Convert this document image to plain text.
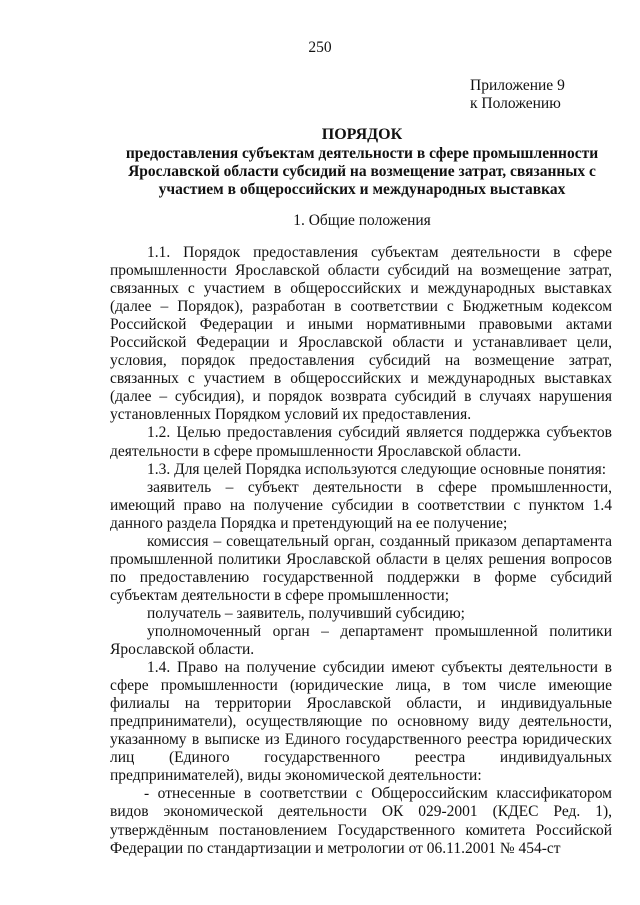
250
Приложение 9
к Положению
ПОРЯДОК
предоставления субъектам деятельности в сфере промышленности Ярославской области субсидий на возмещение затрат, связанных с участием в общероссийских и международных выставках
1. Общие положения

1.1. Порядок предоставления субъектам деятельности в сфере промышленности Ярославской области субсидий на возмещение затрат, связанных с участием в общероссийских и международных выставках (далее – Порядок), разработан в соответствии с Бюджетным кодексом Российской Федерации и иными нормативными правовыми актами Российской Федерации и Ярославской области и устанавливает цели, условия, порядок предоставления субсидий на возмещение затрат, связанных с участием в общероссийских и международных выставках (далее – субсидия), и порядок возврата субсидий в случаях нарушения установленных Порядком условий их предоставления.

1.2. Целью предоставления субсидий является поддержка субъектов деятельности в сфере промышленности Ярославской области.

1.3. Для целей Порядка используются следующие основные понятия:

заявитель – субъект деятельности в сфере промышленности, имеющий право на получение субсидии в соответствии с пунктом 1.4 данного раздела Порядка и претендующий на ее получение;

комиссия – совещательный орган, созданный приказом департамента промышленной политики Ярославской области в целях решения вопросов по предоставлению государственной поддержки в форме субсидий субъектам деятельности в сфере промышленности;

получатель – заявитель, получивший субсидию;

уполномоченный орган – департамент промышленной политики Ярославской области.

1.4. Право на получение субсидии имеют субъекты деятельности в сфере промышленности (юридические лица, в том числе имеющие филиалы на территории Ярославской области, и индивидуальные предприниматели), осуществляющие по основному виду деятельности, указанному в выписке из Единого государственного реестра юридических лиц (Единого государственного реестра индивидуальных предпринимателей), виды экономической деятельности:

- отнесенные в соответствии с Общероссийским классификатором видов экономической деятельности ОК 029-2001 (КДЕС Ред. 1), утверждённым постановлением Государственного комитета Российской Федерации по стандартизации и метрологии от 06.11.2001 № 454-ст
